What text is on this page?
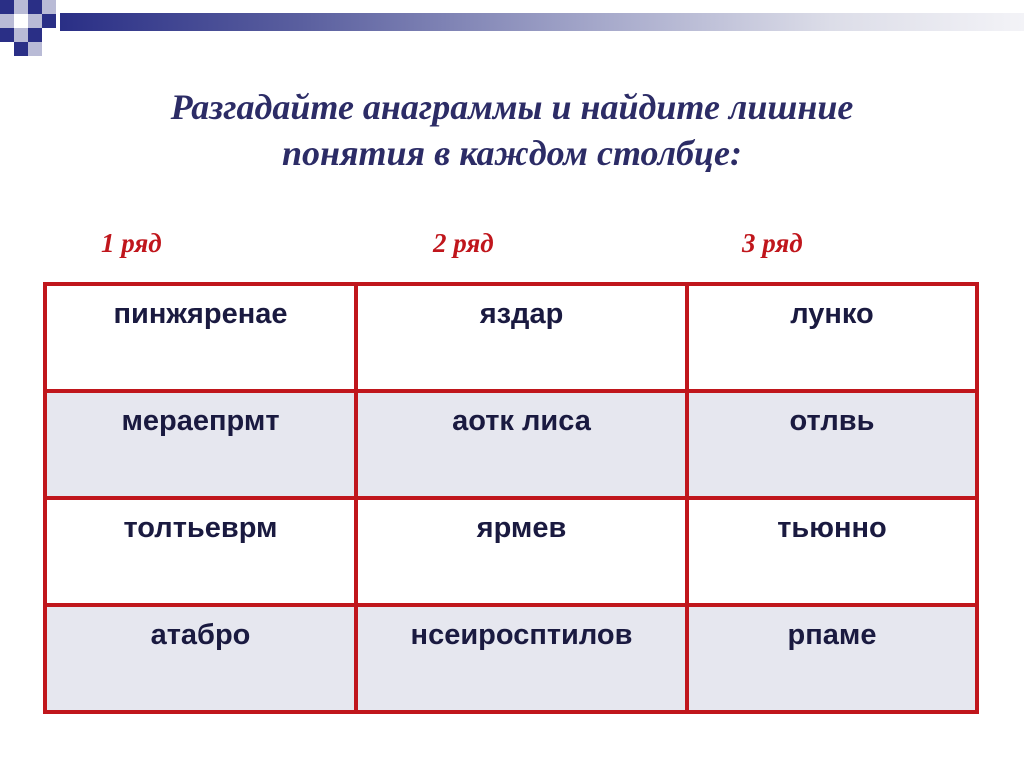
Разгадайте анаграммы и найдите лишние
понятия в каждом столбце:
1 ряд	2 ряд	3 ряд
пинжяренае	яздар	лунко
мераепрмт	аотк лиса	отлвь
толтьеврм	ярмев	тьюнно
атабро	нсеиросптилов	рпаме
